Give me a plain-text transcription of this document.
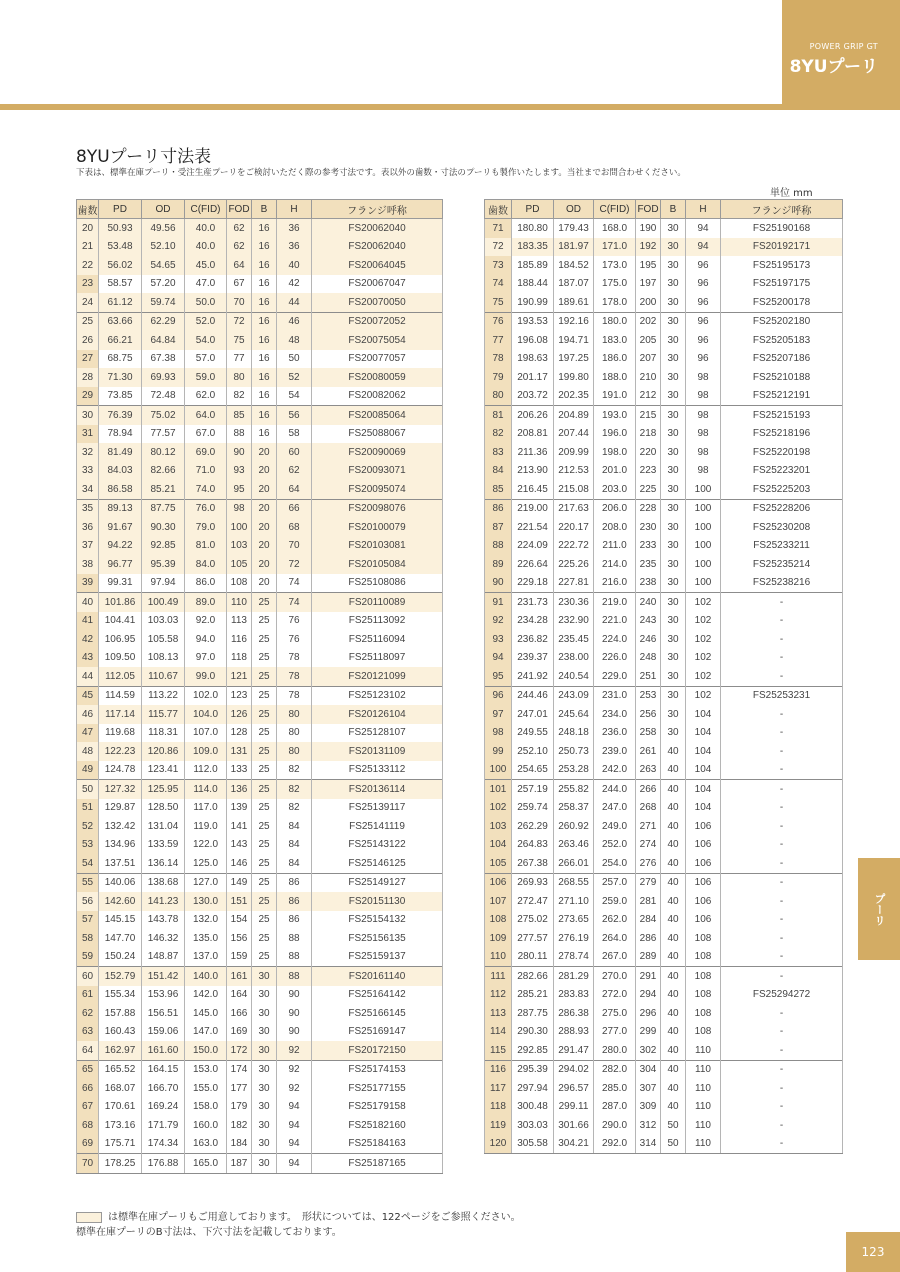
POWER GRIP GT
8YUプーリ
8YUプーリ寸法表
下表は、標準在庫プーリ・受注生産プーリをご検討いただく際の参考寸法です。表以外の歯数・寸法のプーリも製作いたします。当社までお問合わせください。
単位 mm
歯数	PD	OD	C(FID)	FOD	B	H	フランジ呼称
20	50.93	49.56	40.0	62	16	36	FS20062040
21	53.48	52.10	40.0	62	16	36	FS20062040
22	56.02	54.65	45.0	64	16	40	FS20064045
23	58.57	57.20	47.0	67	16	42	FS20067047
24	61.12	59.74	50.0	70	16	44	FS20070050
25	63.66	62.29	52.0	72	16	46	FS20072052
26	66.21	64.84	54.0	75	16	48	FS20075054
27	68.75	67.38	57.0	77	16	50	FS20077057
28	71.30	69.93	59.0	80	16	52	FS20080059
29	73.85	72.48	62.0	82	16	54	FS20082062
30	76.39	75.02	64.0	85	16	56	FS20085064
31	78.94	77.57	67.0	88	16	58	FS25088067
32	81.49	80.12	69.0	90	20	60	FS20090069
33	84.03	82.66	71.0	93	20	62	FS20093071
34	86.58	85.21	74.0	95	20	64	FS20095074
35	89.13	87.75	76.0	98	20	66	FS20098076
36	91.67	90.30	79.0	100	20	68	FS20100079
37	94.22	92.85	81.0	103	20	70	FS20103081
38	96.77	95.39	84.0	105	20	72	FS20105084
39	99.31	97.94	86.0	108	20	74	FS25108086
40	101.86	100.49	89.0	110	25	74	FS20110089
41	104.41	103.03	92.0	113	25	76	FS25113092
42	106.95	105.58	94.0	116	25	76	FS25116094
43	109.50	108.13	97.0	118	25	78	FS25118097
44	112.05	110.67	99.0	121	25	78	FS20121099
45	114.59	113.22	102.0	123	25	78	FS25123102
46	117.14	115.77	104.0	126	25	80	FS20126104
47	119.68	118.31	107.0	128	25	80	FS25128107
48	122.23	120.86	109.0	131	25	80	FS20131109
49	124.78	123.41	112.0	133	25	82	FS25133112
50	127.32	125.95	114.0	136	25	82	FS20136114
51	129.87	128.50	117.0	139	25	82	FS25139117
52	132.42	131.04	119.0	141	25	84	FS25141119
53	134.96	133.59	122.0	143	25	84	FS25143122
54	137.51	136.14	125.0	146	25	84	FS25146125
55	140.06	138.68	127.0	149	25	86	FS25149127
56	142.60	141.23	130.0	151	25	86	FS20151130
57	145.15	143.78	132.0	154	25	86	FS25154132
58	147.70	146.32	135.0	156	25	88	FS25156135
59	150.24	148.87	137.0	159	25	88	FS25159137
60	152.79	151.42	140.0	161	30	88	FS20161140
61	155.34	153.96	142.0	164	30	90	FS25164142
62	157.88	156.51	145.0	166	30	90	FS25166145
63	160.43	159.06	147.0	169	30	90	FS25169147
64	162.97	161.60	150.0	172	30	92	FS20172150
65	165.52	164.15	153.0	174	30	92	FS25174153
66	168.07	166.70	155.0	177	30	92	FS25177155
67	170.61	169.24	158.0	179	30	94	FS25179158
68	173.16	171.79	160.0	182	30	94	FS25182160
69	175.71	174.34	163.0	184	30	94	FS25184163
70	178.25	176.88	165.0	187	30	94	FS25187165
歯数	PD	OD	C(FID)	FOD	B	H	フランジ呼称
71	180.80	179.43	168.0	190	30	94	FS25190168
72	183.35	181.97	171.0	192	30	94	FS20192171
73	185.89	184.52	173.0	195	30	96	FS25195173
74	188.44	187.07	175.0	197	30	96	FS25197175
75	190.99	189.61	178.0	200	30	96	FS25200178
76	193.53	192.16	180.0	202	30	96	FS25202180
77	196.08	194.71	183.0	205	30	96	FS25205183
78	198.63	197.25	186.0	207	30	96	FS25207186
79	201.17	199.80	188.0	210	30	98	FS25210188
80	203.72	202.35	191.0	212	30	98	FS25212191
81	206.26	204.89	193.0	215	30	98	FS25215193
82	208.81	207.44	196.0	218	30	98	FS25218196
83	211.36	209.99	198.0	220	30	98	FS25220198
84	213.90	212.53	201.0	223	30	98	FS25223201
85	216.45	215.08	203.0	225	30	100	FS25225203
86	219.00	217.63	206.0	228	30	100	FS25228206
87	221.54	220.17	208.0	230	30	100	FS25230208
88	224.09	222.72	211.0	233	30	100	FS25233211
89	226.64	225.26	214.0	235	30	100	FS25235214
90	229.18	227.81	216.0	238	30	100	FS25238216
91	231.73	230.36	219.0	240	30	102	-
92	234.28	232.90	221.0	243	30	102	-
93	236.82	235.45	224.0	246	30	102	-
94	239.37	238.00	226.0	248	30	102	-
95	241.92	240.54	229.0	251	30	102	-
96	244.46	243.09	231.0	253	30	102	FS25253231
97	247.01	245.64	234.0	256	30	104	-
98	249.55	248.18	236.0	258	30	104	-
99	252.10	250.73	239.0	261	40	104	-
100	254.65	253.28	242.0	263	40	104	-
101	257.19	255.82	244.0	266	40	104	-
102	259.74	258.37	247.0	268	40	104	-
103	262.29	260.92	249.0	271	40	106	-
104	264.83	263.46	252.0	274	40	106	-
105	267.38	266.01	254.0	276	40	106	-
106	269.93	268.55	257.0	279	40	106	-
107	272.47	271.10	259.0	281	40	106	-
108	275.02	273.65	262.0	284	40	106	-
109	277.57	276.19	264.0	286	40	108	-
110	280.11	278.74	267.0	289	40	108	-
111	282.66	281.29	270.0	291	40	108	-
112	285.21	283.83	272.0	294	40	108	FS25294272
113	287.75	286.38	275.0	296	40	108	-
114	290.30	288.93	277.0	299	40	108	-
115	292.85	291.47	280.0	302	40	110	-
116	295.39	294.02	282.0	304	40	110	-
117	297.94	296.57	285.0	307	40	110	-
118	300.48	299.11	287.0	309	40	110	-
119	303.03	301.66	290.0	312	50	110	-
120	305.58	304.21	292.0	314	50	110	-
は標準在庫プーリもご用意しております。　形状については、122ページをご参照ください。
標準在庫プーリのB寸法は、下穴寸法を記載しております。
プーリ
123
